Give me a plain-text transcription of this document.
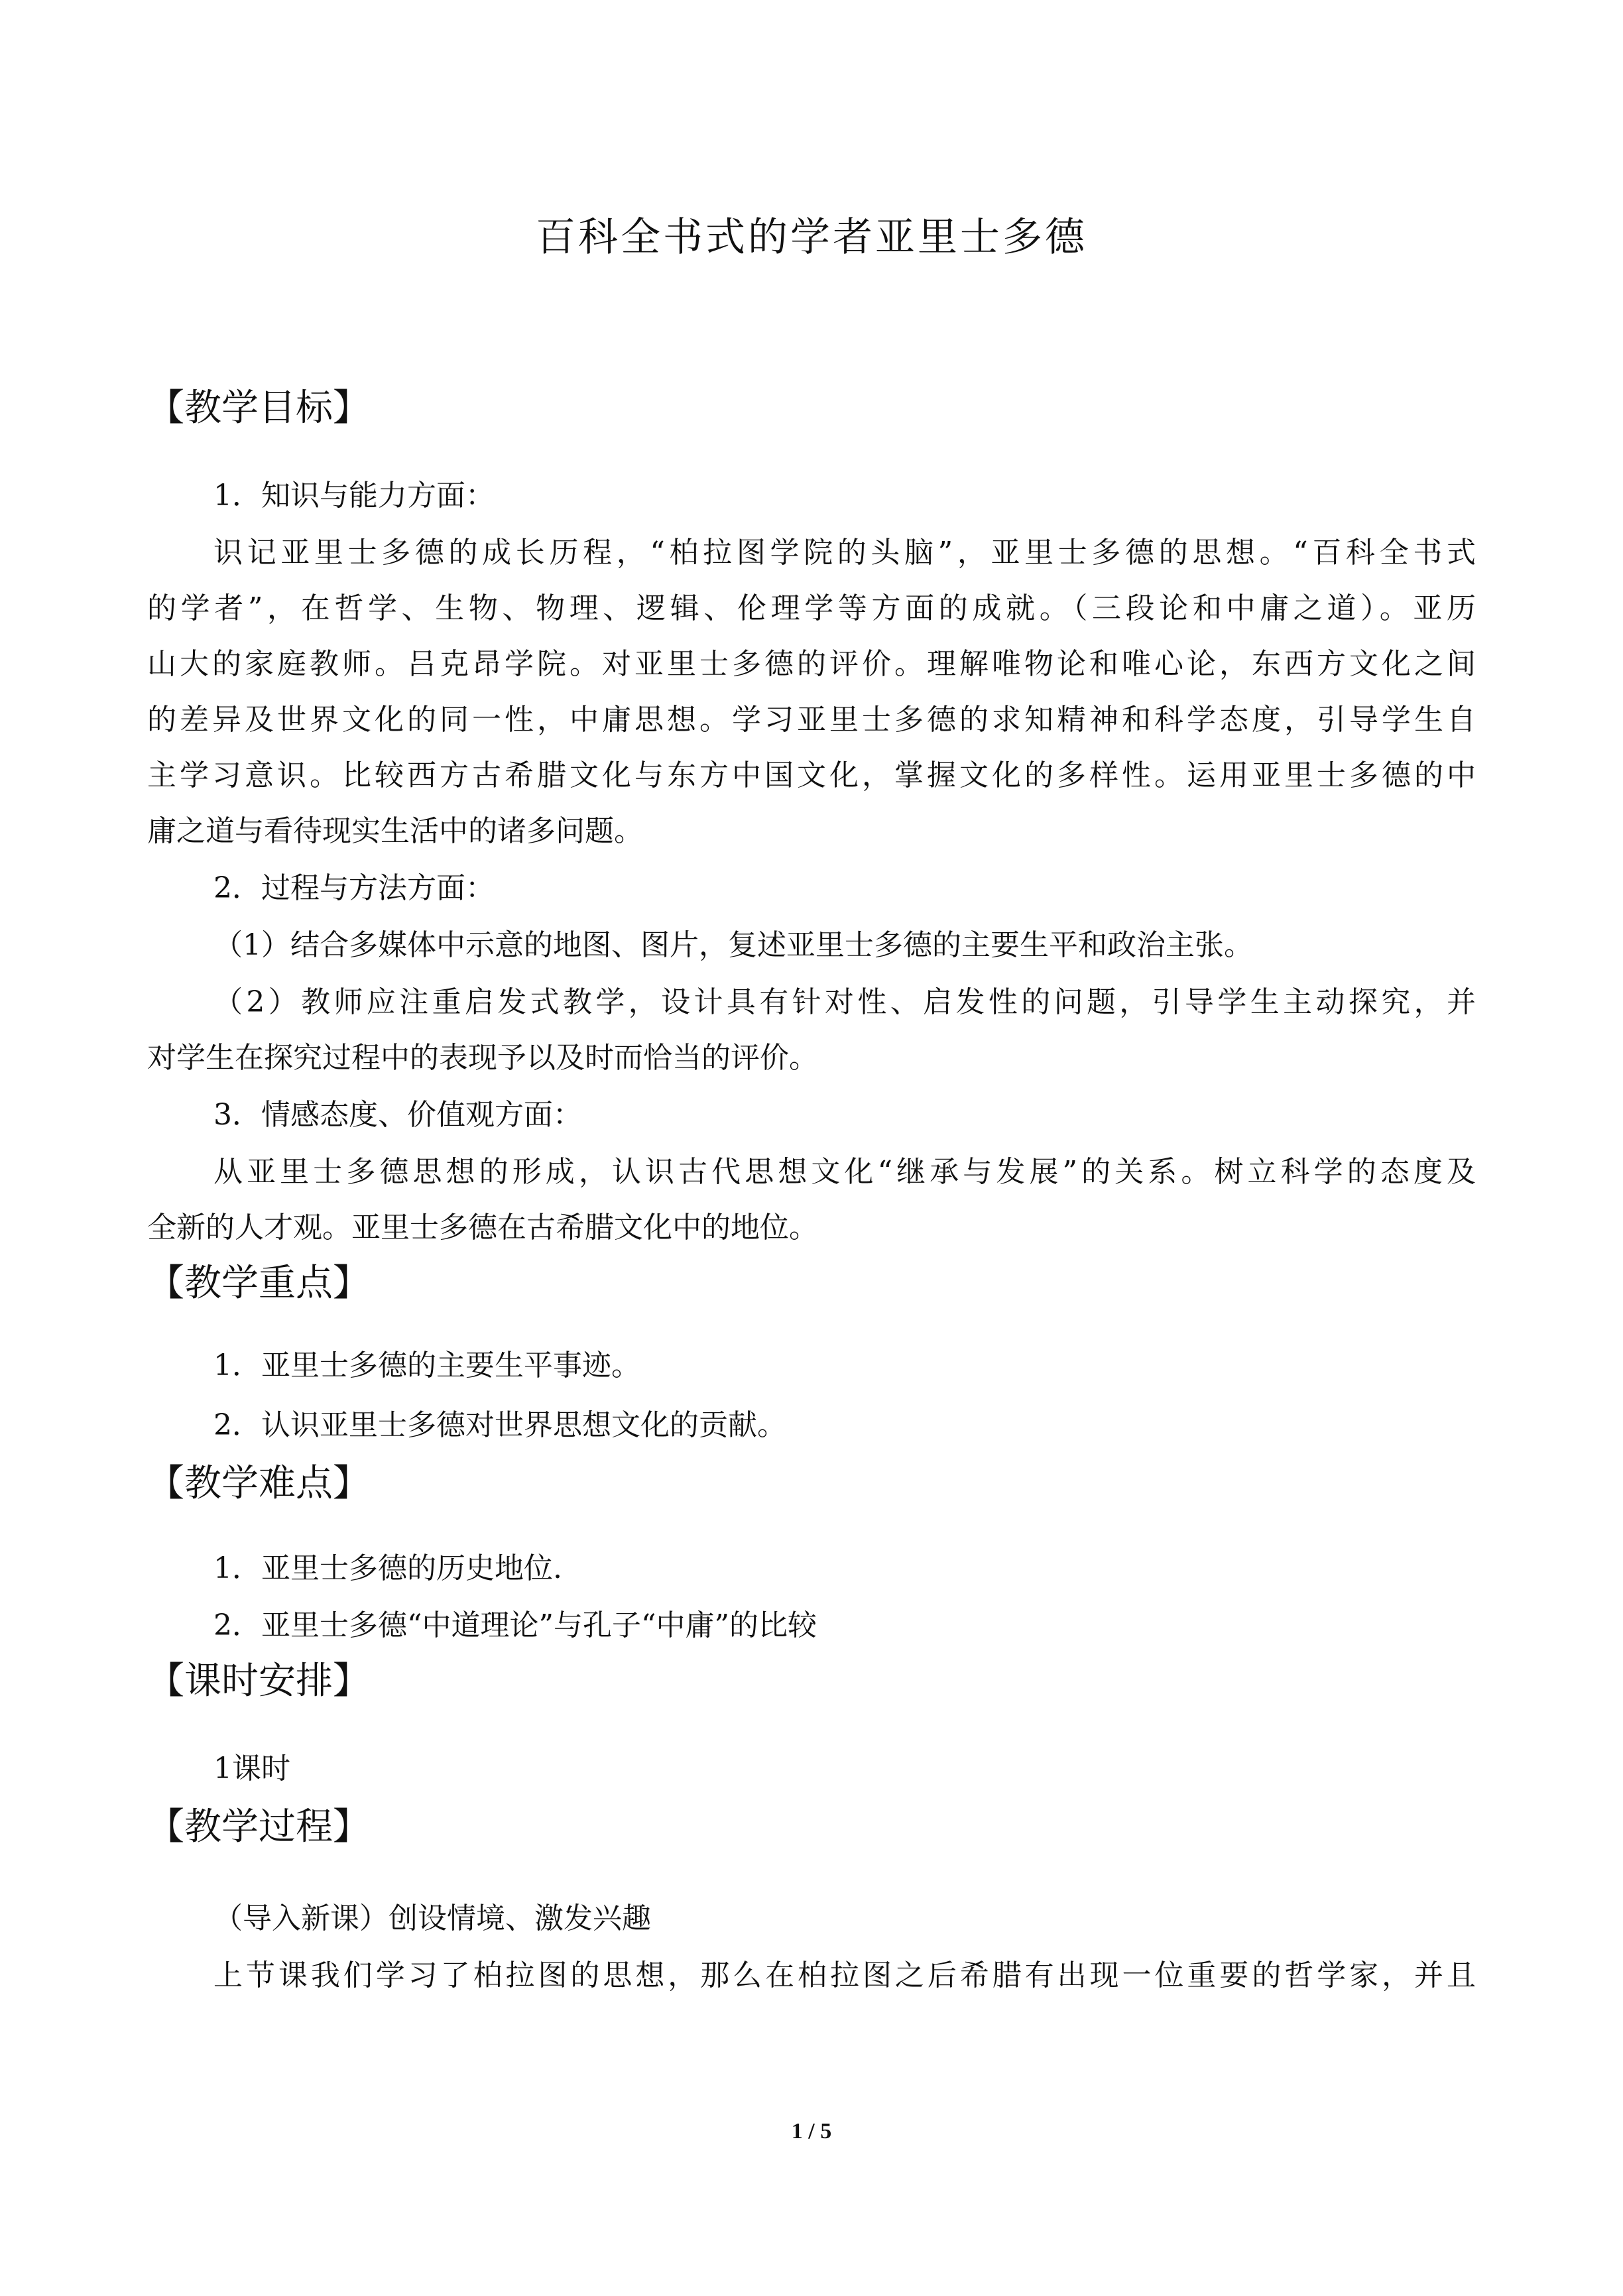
百科全书式的学者亚里士多德
【教学目标】
1．知识与能力方面：
识记亚里士多德的成长历程，“柏拉图学院的头脑”，亚里士多德的思想。“百科全书式
的学者”，在哲学、生物、物理、逻辑、伦理学等方面的成就。（三段论和中庸之道）。亚历
山大的家庭教师。吕克昂学院。对亚里士多德的评价。理解唯物论和唯心论，东西方文化之间
的差异及世界文化的同一性，中庸思想。学习亚里士多德的求知精神和科学态度，引导学生自
主学习意识。比较西方古希腊文化与东方中国文化，掌握文化的多样性。运用亚里士多德的中
庸之道与看待现实生活中的诸多问题。
2．过程与方法方面：
（1）结合多媒体中示意的地图、图片，复述亚里士多德的主要生平和政治主张。
（2）教师应注重启发式教学，设计具有针对性、启发性的问题，引导学生主动探究，并
对学生在探究过程中的表现予以及时而恰当的评价。
3．情感态度、价值观方面：
从亚里士多德思想的形成，认识古代思想文化“继承与发展”的关系。树立科学的态度及
全新的人才观。亚里士多德在古希腊文化中的地位。
【教学重点】
1．亚里士多德的主要生平事迹。
2．认识亚里士多德对世界思想文化的贡献。
【教学难点】
1．亚里士多德的历史地位.
2．亚里士多德“中道理论”与孔子“中庸”的比较
【课时安排】
1课时
【教学过程】
（导入新课）创设情境、激发兴趣
上节课我们学习了柏拉图的思想，那么在柏拉图之后希腊有出现一位重要的哲学家，并且
1 / 5
